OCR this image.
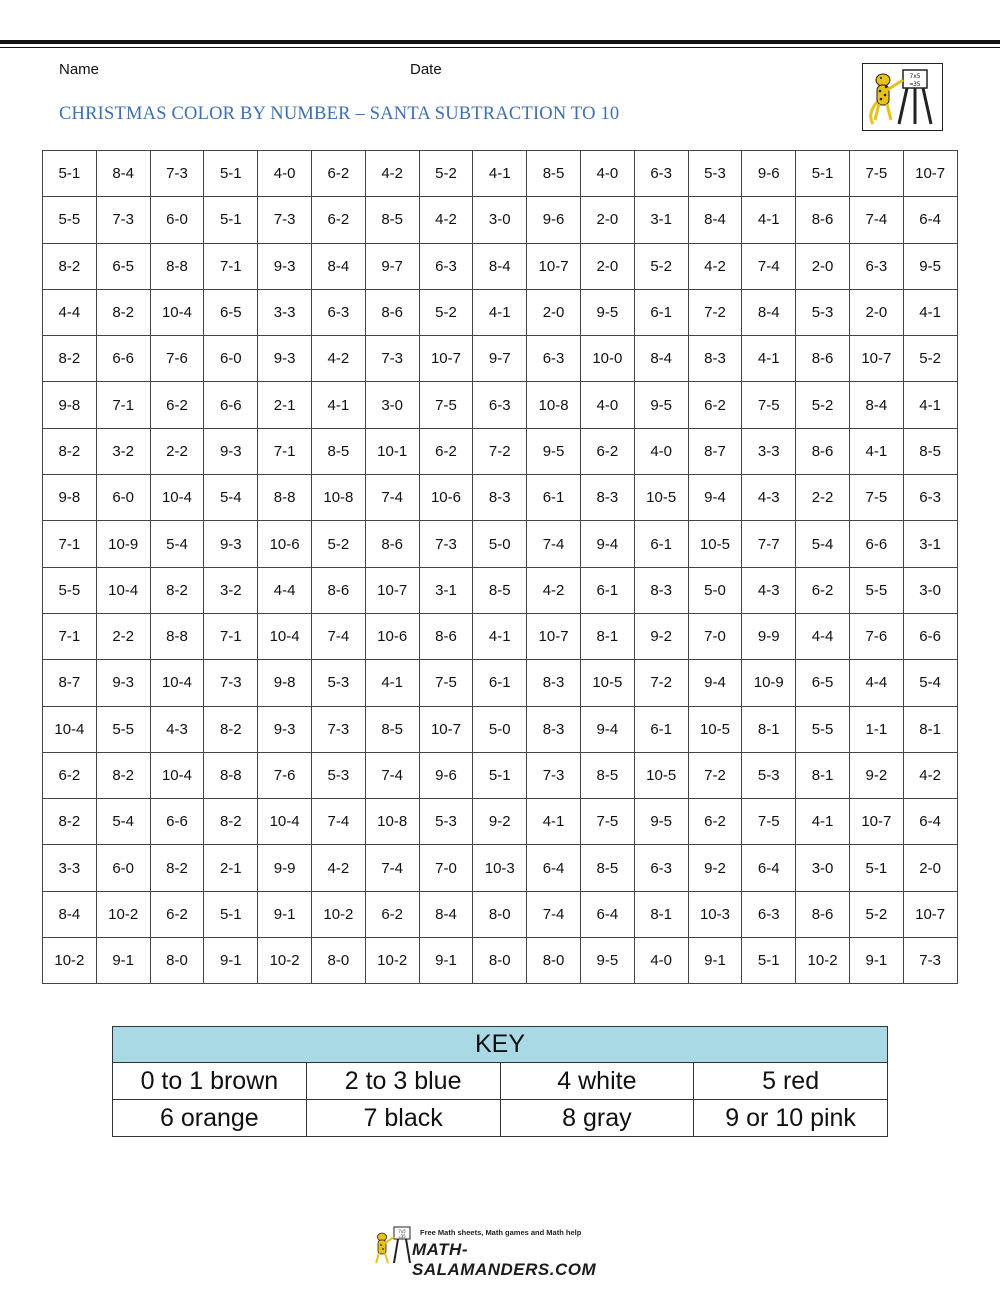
Name	Date
CHRISTMAS COLOR BY NUMBER – SANTA SUBTRACTION TO 10
7x5
=35
5-1	8-4	7-3	5-1	4-0	6-2	4-2	5-2	4-1	8-5	4-0	6-3	5-3	9-6	5-1	7-5	10-7
5-5	7-3	6-0	5-1	7-3	6-2	8-5	4-2	3-0	9-6	2-0	3-1	8-4	4-1	8-6	7-4	6-4
8-2	6-5	8-8	7-1	9-3	8-4	9-7	6-3	8-4	10-7	2-0	5-2	4-2	7-4	2-0	6-3	9-5
4-4	8-2	10-4	6-5	3-3	6-3	8-6	5-2	4-1	2-0	9-5	6-1	7-2	8-4	5-3	2-0	4-1
8-2	6-6	7-6	6-0	9-3	4-2	7-3	10-7	9-7	6-3	10-0	8-4	8-3	4-1	8-6	10-7	5-2
9-8	7-1	6-2	6-6	2-1	4-1	3-0	7-5	6-3	10-8	4-0	9-5	6-2	7-5	5-2	8-4	4-1
8-2	3-2	2-2	9-3	7-1	8-5	10-1	6-2	7-2	9-5	6-2	4-0	8-7	3-3	8-6	4-1	8-5
9-8	6-0	10-4	5-4	8-8	10-8	7-4	10-6	8-3	6-1	8-3	10-5	9-4	4-3	2-2	7-5	6-3
7-1	10-9	5-4	9-3	10-6	5-2	8-6	7-3	5-0	7-4	9-4	6-1	10-5	7-7	5-4	6-6	3-1
5-5	10-4	8-2	3-2	4-4	8-6	10-7	3-1	8-5	4-2	6-1	8-3	5-0	4-3	6-2	5-5	3-0
7-1	2-2	8-8	7-1	10-4	7-4	10-6	8-6	4-1	10-7	8-1	9-2	7-0	9-9	4-4	7-6	6-6
8-7	9-3	10-4	7-3	9-8	5-3	4-1	7-5	6-1	8-3	10-5	7-2	9-4	10-9	6-5	4-4	5-4
10-4	5-5	4-3	8-2	9-3	7-3	8-5	10-7	5-0	8-3	9-4	6-1	10-5	8-1	5-5	1-1	8-1
6-2	8-2	10-4	8-8	7-6	5-3	7-4	9-6	5-1	7-3	8-5	10-5	7-2	5-3	8-1	9-2	4-2
8-2	5-4	6-6	8-2	10-4	7-4	10-8	5-3	9-2	4-1	7-5	9-5	6-2	7-5	4-1	10-7	6-4
3-3	6-0	8-2	2-1	9-9	4-2	7-4	7-0	10-3	6-4	8-5	6-3	9-2	6-4	3-0	5-1	2-0
8-4	10-2	6-2	5-1	9-1	10-2	6-2	8-4	8-0	7-4	6-4	8-1	10-3	6-3	8-6	5-2	10-7
10-2	9-1	8-0	9-1	10-2	8-0	10-2	9-1	8-0	8-0	9-5	4-0	9-1	5-1	10-2	9-1	7-3
KEY			
0 to 1 brown	2 to 3 blue	4 white	5 red
6 orange	7 black	8 gray	9 or 10 pink
7x5
=35 Free Math sheets, Math games and Math help
MATH-SALAMANDERS.COM
